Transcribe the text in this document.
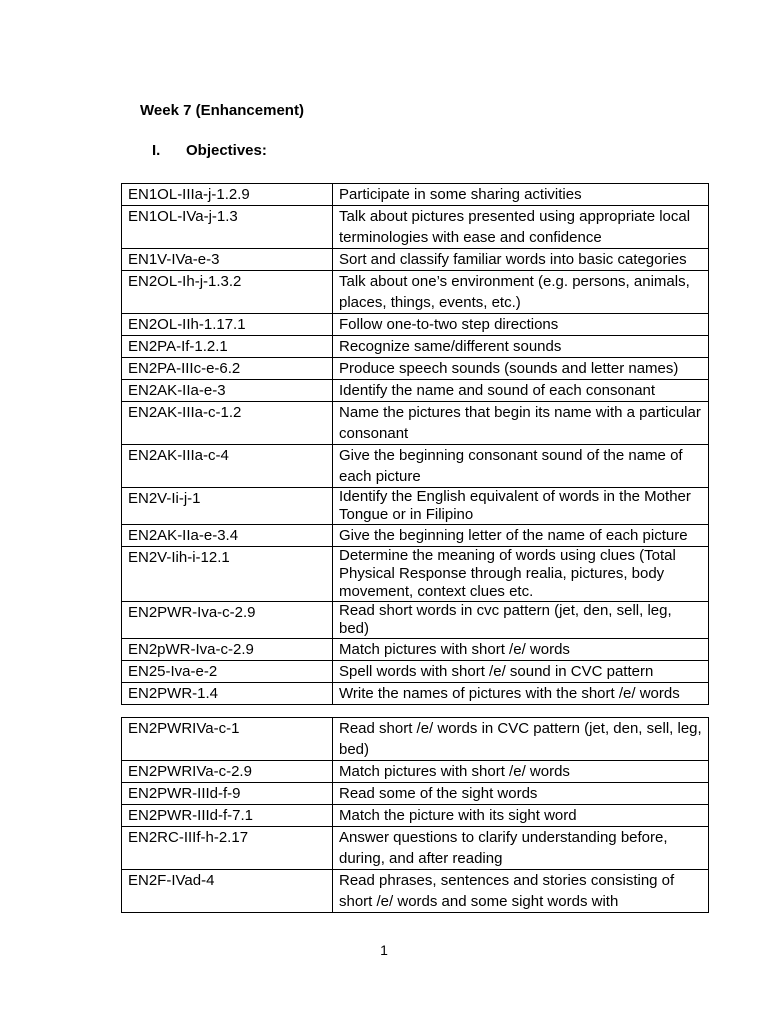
Week 7 (Enhancement)
I. Objectives:
EN1OL-IIIa-j-1.2.9	Participate in some sharing activities
EN1OL-IVa-j-1.3	Talk about pictures presented using appropriate local terminologies with ease and confidence
EN1V-IVa-e-3	Sort and classify familiar words into basic categories
EN2OL-Ih-j-1.3.2	Talk about one’s environment (e.g. persons, animals, places, things, events, etc.)
EN2OL-IIh-1.17.1	Follow one-to-two step directions
EN2PA-If-1.2.1	Recognize same/different sounds
EN2PA-IIIc-e-6.2	Produce speech sounds (sounds and letter names)
EN2AK-IIa-e-3	Identify the name and sound of each consonant
EN2AK-IIIa-c-1.2	Name the pictures that begin its name with a particular consonant
EN2AK-IIIa-c-4	Give the beginning consonant sound of the name of each picture
EN2V-Ii-j-1	Identify the English equivalent of words in the Mother Tongue or in Filipino
EN2AK-IIa-e-3.4	Give the beginning letter of the name of each picture
EN2V-Iih-i-12.1	Determine the meaning of words using clues (Total Physical Response through realia, pictures, body movement, context clues etc.
EN2PWR-Iva-c-2.9	Read short words in cvc pattern (jet, den, sell, leg, bed)
EN2pWR-Iva-c-2.9	Match pictures with short /e/ words
EN25-Iva-e-2	Spell words with short /e/ sound in CVC pattern
EN2PWR-1.4	Write the names of pictures with the short /e/ words
EN2PWRIVa-c-1	Read short /e/ words in CVC pattern (jet, den, sell, leg, bed)
EN2PWRIVa-c-2.9	Match pictures with short /e/ words
EN2PWR-IIId-f-9	Read some of the sight words
EN2PWR-IIId-f-7.1	Match the picture with its sight word
EN2RC-IIIf-h-2.17	Answer questions to clarify understanding before, during, and after reading
EN2F-IVad-4	Read phrases, sentences and stories consisting of short /e/ words and some sight words with
1
